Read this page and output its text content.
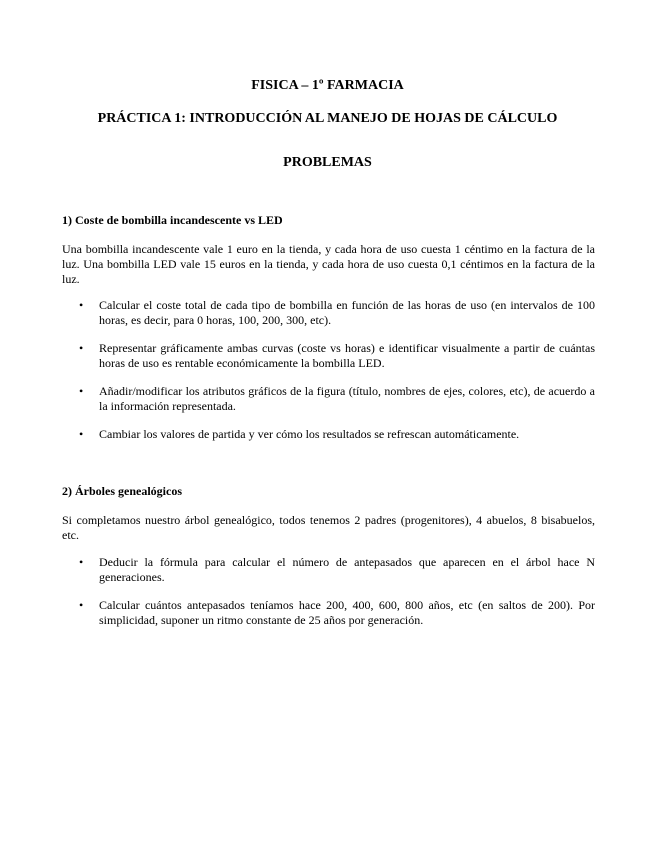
FISICA – 1º FARMACIA
PRÁCTICA 1: INTRODUCCIÓN AL MANEJO DE HOJAS DE CÁLCULO
PROBLEMAS
1) Coste de bombilla incandescente vs LED
Una bombilla incandescente vale 1 euro en la tienda, y cada hora de uso cuesta 1 céntimo en la factura de la luz. Una bombilla LED vale 15 euros en la tienda, y cada hora de uso cuesta 0,1 céntimos en la factura de la luz.
• Calcular el coste total de cada tipo de bombilla en función de las horas de uso (en intervalos de 100 horas, es decir, para 0 horas, 100, 200, 300, etc).
• Representar gráficamente ambas curvas (coste vs horas) e identificar visualmente a partir de cuántas horas de uso es rentable económicamente la bombilla LED.
• Añadir/modificar los atributos gráficos de la figura (título, nombres de ejes, colores, etc), de acuerdo a la información representada.
• Cambiar los valores de partida y ver cómo los resultados se refrescan automáticamente.
2) Árboles genealógicos
Si completamos nuestro árbol genealógico, todos tenemos 2 padres (progenitores), 4 abuelos, 8 bisabuelos, etc.
• Deducir la fórmula para calcular el número de antepasados que aparecen en el árbol hace N generaciones.
• Calcular cuántos antepasados teníamos hace 200, 400, 600, 800 años, etc (en saltos de 200). Por simplicidad, suponer un ritmo constante de 25 años por generación.
